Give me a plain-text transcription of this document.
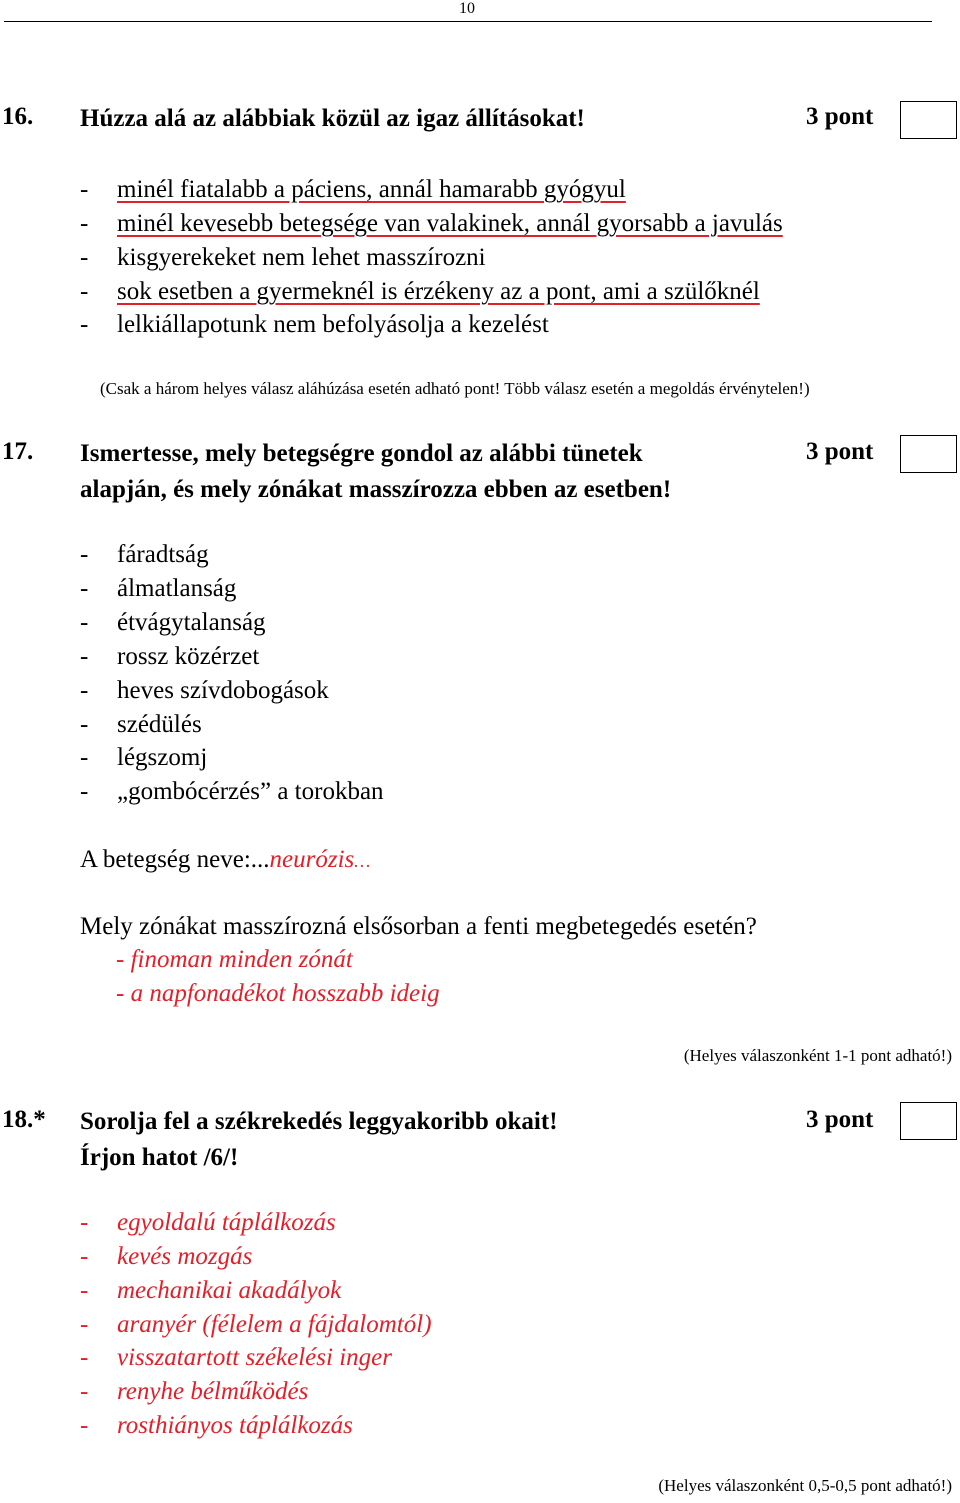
10
16. Húzza alá az alábbiak közül az igaz állításokat!	3 pont
- minél fiatalabb a páciens, annál hamarabb gyógyul
- minél kevesebb betegsége van valakinek, annál gyorsabb a javulás
- kisgyerekeket nem lehet masszírozni
- sok esetben a gyermeknél is érzékeny az a pont, ami a szülőknél
- lelkiállapotunk nem befolyásolja a kezelést
(Csak a három helyes válasz aláhúzása esetén adható pont! Több válasz esetén a megoldás érvénytelen!)
17. Ismertesse, mely betegségre gondol az alábbi tünetek
alapján, és mely zónákat masszírozza ebben az esetben!
3 pont
- fáradtság
- álmatlanság
- étvágytalanság
- rossz közérzet
- heves szívdobogások
- szédülés
- légszomj
- „gombócérzés” a torokban
A betegség neve:...neurózis…
Mely zónákat masszírozná elsősorban a fenti megbetegedés esetén?
- finoman minden zónát
- a napfonadékot hosszabb ideig
(Helyes válaszonként 1-1 pont adható!)
18.* Sorolja fel a székrekedés leggyakoribb okait!
Írjon hatot /6/!
3 pont
- egyoldalú táplálkozás
- kevés mozgás
- mechanikai akadályok
- aranyér (félelem a fájdalomtól)
- visszatartott székelési inger
- renyhe bélműködés
- rosthiányos táplálkozás
(Helyes válaszonként 0,5-0,5 pont adható!)
